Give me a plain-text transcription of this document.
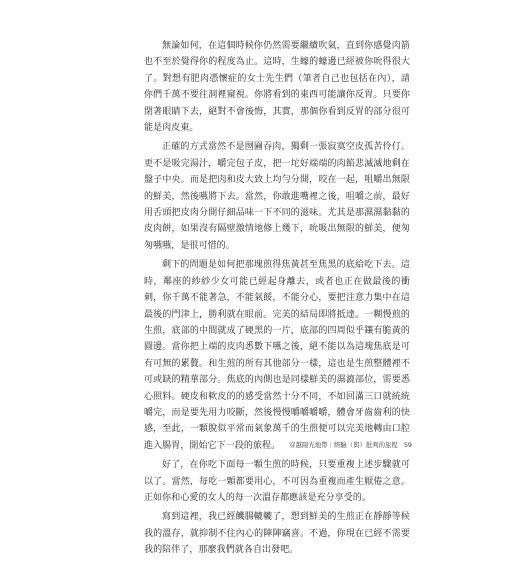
無論如何，在這個時候你仍然需要繼續吹氣，直到你感覺肉箭也不至於覺得你的程度為止。這時，生蠔的蠔邊已經被你吮得很大了。對想有肥肉憑懷症的女士先生們（筆者自己也包括在內），請你們千萬不要往洞裡窺視。你將看到的東西可能讓你反胃。只要你閉著眼睛下去，絕對不會後悔，其實，那個你看到反胃的部分很可能是肉皮東。

正確的方式當然不是囫圇吞肉，獨剩一張寂寞空皮孤苦伶仃。更不是吸完湯汁，嚼完包子皮，把一坨好端端的肉餡悲滅滅地剩在盤子中央。而是把肉和皮大致上均勻分開，咬在一起，咀嚼出無限的鮮美，然後嚥將下去。當然，你敢進嘴裡之後，咀嚼之前，最好用舌頭把皮肉分開仔細品味一下不同的滋味。尤其是那濕濕黏黏的皮肉餅，如果沒有隔壁激情地修上幾下，吮吸出無限的鮮美，便匆匆嚥嚥，是很可惜的。

剩下的問題是如何把那塊煎得焦黃甚至焦黑的底給吃下去。這時，鄰座的紗紗少女可能已經起身離去，或者也正在做最後的衝刺，你千萬不能著急，不能氣餒，不能分心，要把注意力集中在這最後的門津上，勝利就在眼前。完美的結局即將抵達。一糊慢煎的生煎，底部的中間就成了硬黑的一片，底部的四周似乎鑲有脆黃的圓邊。當你把上端的皮肉悉數下嚥之後，絕不能以為這塊焦底是可有可無的累贅。和生煎的所有其他部分一樣，這也是生煎整體裡不可或缺的精華部分。焦底的內側也是同樣鮮美的濕漉部位，需要悉心照料。硬皮和軟皮的的感受當然十分不同，不如回滿三口就統統嚼完，而是要先用力咬斷，然後慢慢嚼嚼嚼嚼，體會牙齒齒利的快感，至此，一顆脫似平常而氣象萬千的生煎便可以完美地轉由口腔進入腸胃，開始它下一段的旅程。

好了，在你吃下面每一顆生煎的時候，只要重複上述步驟就可以了。當然，每吃一顆都要用心，不可因為重複而產生厭倦之意。正如你和心愛的女人的每一次溫存都應該是充分享受的。

寫到這裡，我已經饑腸轆轆了，想到鮮美的生煎正在靜靜等候我的溫存，就抑制不住內心的陣陣竊喜。不過，你現在已經不需要我的陪伴了，那麼我們就各自出發吧。

穿越陽光地帶｜經驗（與）批判的旅程 59
